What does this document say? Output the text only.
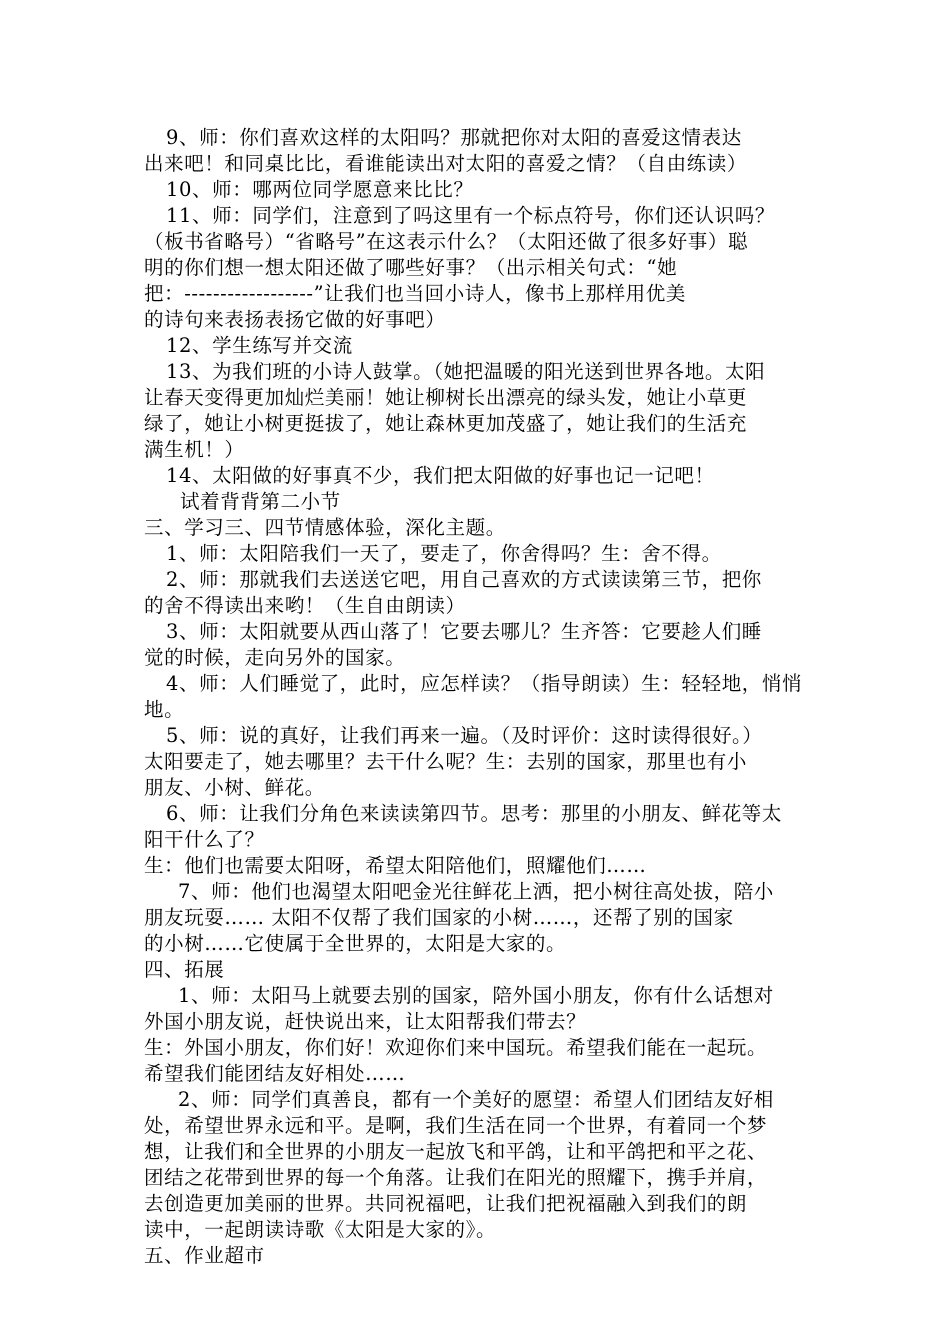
9、师：你们喜欢这样的太阳吗？那就把你对太阳的喜爱这情表达
出来吧！和同桌比比，看谁能读出对太阳的喜爱之情？（自由练读）
10、师：哪两位同学愿意来比比？
11、师：同学们，注意到了吗这里有一个标点符号，你们还认识吗？
（板书省略号）“省略号”在这表示什么？（太阳还做了很多好事）聪
明的你们想一想太阳还做了哪些好事？（出示相关句式：“她
把：------------------”让我们也当回小诗人，像书上那样用优美
的诗句来表扬表扬它做的好事吧）
12、学生练写并交流
13、为我们班的小诗人鼓掌。（她把温暖的阳光送到世界各地。太阳
让春天变得更加灿烂美丽！她让柳树长出漂亮的绿头发，她让小草更
绿了，她让小树更挺拔了，她让森林更加茂盛了，她让我们的生活充
满生机！）
14、太阳做的好事真不少，我们把太阳做的好事也记一记吧！
试着背背第二小节
三、学习三、四节情感体验，深化主题。
1、师：太阳陪我们一天了，要走了，你舍得吗？生：舍不得。
2、师：那就我们去送送它吧，用自己喜欢的方式读读第三节，把你
的舍不得读出来哟！（生自由朗读）
3、师：太阳就要从西山落了！它要去哪儿？生齐答：它要趁人们睡
觉的时候，走向另外的国家。
4、师：人们睡觉了，此时，应怎样读？（指导朗读）生：轻轻地，悄悄
地。
5、师：说的真好，让我们再来一遍。（及时评价：这时读得很好。）
太阳要走了，她去哪里？去干什么呢？生：去别的国家，那里也有小
朋友、小树、鲜花。
6、师：让我们分角色来读读第四节。思考：那里的小朋友、鲜花等太
阳干什么了？
生：他们也需要太阳呀，希望太阳陪他们，照耀他们……
7、师：他们也渴望太阳吧金光往鲜花上洒，把小树往高处拔，陪小
朋友玩耍…… 太阳不仅帮了我们国家的小树……，还帮了别的国家
的小树……它使属于全世界的，太阳是大家的。
四、拓展
1、师：太阳马上就要去别的国家，陪外国小朋友，你有什么话想对
外国小朋友说，赶快说出来，让太阳帮我们带去？
生：外国小朋友，你们好！欢迎你们来中国玩。希望我们能在一起玩。
希望我们能团结友好相处……
2、师：同学们真善良，都有一个美好的愿望：希望人们团结友好相
处，希望世界永远和平。是啊，我们生活在同一个世界，有着同一个梦
想，让我们和全世界的小朋友一起放飞和平鸽，让和平鸽把和平之花、
团结之花带到世界的每一个角落。让我们在阳光的照耀下，携手并肩，
去创造更加美丽的世界。共同祝福吧，让我们把祝福融入到我们的朗
读中，一起朗读诗歌《太阳是大家的》。
五、作业超市
